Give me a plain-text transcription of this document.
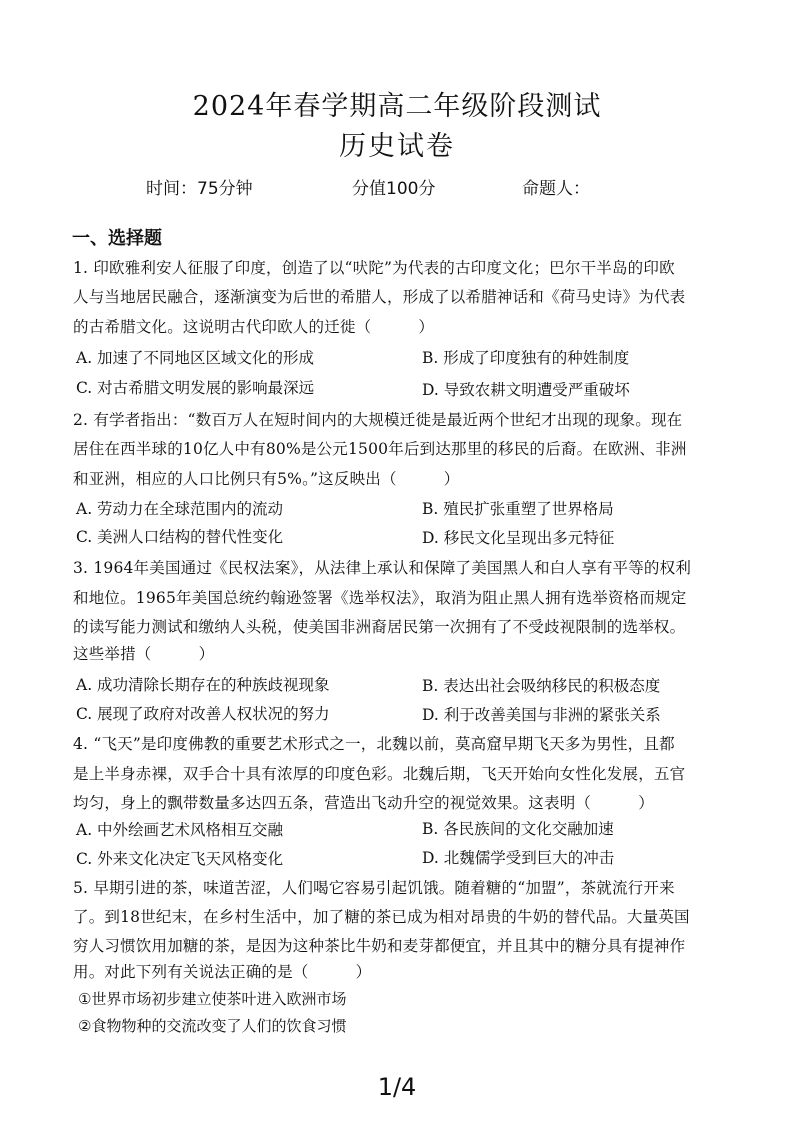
2024年春学期高二年级阶段测试
历史试卷
时间：75分钟	分值100分	命题人：
一、选择题
1. 印欧雅利安人征服了印度，创造了以“吠陀”为代表的古印度文化；巴尔干半岛的印欧
人与当地居民融合，逐渐演变为后世的希腊人，形成了以希腊神话和《荷马史诗》为代表
的古希腊文化。这说明古代印欧人的迁徙（　　　）
A. 加速了不同地区区域文化的形成	B. 形成了印度独有的种姓制度
C. 对古希腊文明发展的影响最深远	D. 导致农耕文明遭受严重破坏
2. 有学者指出：“数百万人在短时间内的大规模迁徙是最近两个世纪才出现的现象。现在
居住在西半球的10亿人中有80%是公元1500年后到达那里的移民的后裔。在欧洲、非洲
和亚洲，相应的人口比例只有5%。”这反映出（　　　）
A. 劳动力在全球范围内的流动	B. 殖民扩张重塑了世界格局
C. 美洲人口结构的替代性变化	D. 移民文化呈现出多元特征
3. 1964年美国通过《民权法案》，从法律上承认和保障了美国黑人和白人享有平等的权利
和地位。1965年美国总统约翰逊签署《选举权法》，取消为阻止黑人拥有选举资格而规定
的读写能力测试和缴纳人头税，使美国非洲裔居民第一次拥有了不受歧视限制的选举权。
这些举措（　　　）
A. 成功清除长期存在的种族歧视现象	B. 表达出社会吸纳移民的积极态度
C. 展现了政府对改善人权状况的努力	D. 利于改善美国与非洲的紧张关系
4. “飞天”是印度佛教的重要艺术形式之一，北魏以前，莫高窟早期飞天多为男性，且都
是上半身赤裸，双手合十具有浓厚的印度色彩。北魏后期，飞天开始向女性化发展，五官
均匀，身上的飘带数量多达四五条，营造出飞动升空的视觉效果。这表明（　　　）
A. 中外绘画艺术风格相互交融	B. 各民族间的文化交融加速
C. 外来文化决定飞天风格变化	D. 北魏儒学受到巨大的冲击
5. 早期引进的茶，味道苦涩，人们喝它容易引起饥饿。随着糖的“加盟”，茶就流行开来
了。到18世纪末，在乡村生活中，加了糖的茶已成为相对昂贵的牛奶的替代品。大量英国
穷人习惯饮用加糖的茶，是因为这种茶比牛奶和麦芽都便宜，并且其中的糖分具有提神作
用。对此下列有关说法正确的是（　　　）
①世界市场初步建立使茶叶进入欧洲市场
②食物物种的交流改变了人们的饮食习惯
1/4
